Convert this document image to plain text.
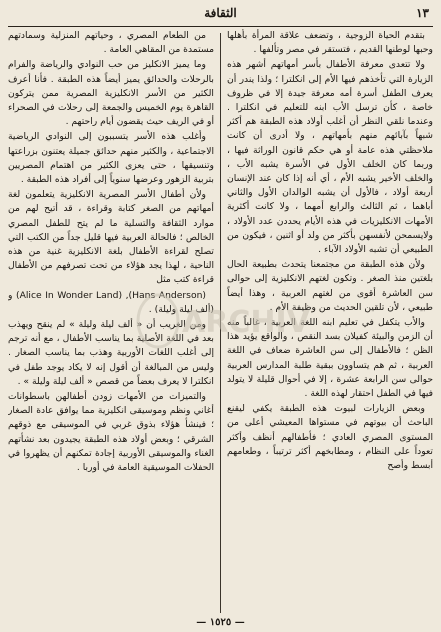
الثقافة	١٣

بتقدم الحياة الزوجية ، وتضعف علاقة المرأة بأهلها وحبها لوطنها القديم ، فتستقر في مصر وتألفها .

ولا تتعدى معرفة الأطفال بأسر أمهاتهم أشهر هذه الزيارة التي تأخذهم فيها الأم إلى انكلترا ؛ ولذا يندر أن يعرف الطفل أسرة أمه معرفة جيدة إلا في ظروف خاصة ، كأن ترسل الأب ابنه للتعليم في انكلترا . وعندما نلقي النظر أن أغلب أولاد هذه الطبقة هم أكثر شبهاً بآبائهم منهم بأمهاتهم ، ولا أدرى أن كانت ملاحظتي هذه عامة أو هي حكم قانون الوراثة فيها ، وربما كان الخلف الأول في الأسرة يشبه الأب ، والخلف الأخير يشبه الأم ، أي أنه إذا كان عند الإنسان أربعة أولاد ، فالأول أن يشبه الوالدان الأول والثاني أباهما ، ثم الثالث والرابع أمهما ، ولا كانت أكثرية الأمهات الانكليزيات في هذه الأيام يحددن عدد الأولاد ، ولايسمحن لأنفسهن بأكثر من ولد أو اثنين ، فيكون من الطبيعي أن تشبه الأولاد الآباء .

ولأن هذه الطبقة من مجتمعنا يتحدث بطبيعة الحال بلغتين منذ الصغر . وتكون لغتهم الانكليزية إلى حوالى سن العاشرة أقوى من لغتهم العربية ، وهذا أيضاً طبيعي ، لأن تلقين الحديث من وظيفة الأم .

والأب يتكفل في تعليم ابنه اللغة العربية ، غالباً منه أن الزمن والبيئة كفيلان بسد النقص ، والواقع يؤيد هذا الظن ؛ فالأطفال إلى سن العاشرة ضعاف في اللغة العربية ، ثم هم يتساوون ببقية طلبة المدارس العربية حوالى سن الرابعة عشرة ، إلا في أحوال قليلة لا يتولد فيها في الطفل احتقار لهذه اللغة .

وبعض الزيارات لبيوت هذه الطبقة يكفي ليقنع الباحث أن بيوتهم في مستواها المعيشي أعلى من المستوى المصري العادي ؛ فأطفالهم أنظف وأكثر تعوداً على النظام ، ومطابخهم أكثر ترتيباً ، وطعامهم أبسط وأصح

من الطعام المصري ، وحياتهم المنزلية وسمادتهم مستمدة من المقاهي العامة .

وما يميز الانكليز من حب النوادي والرياضة والفرام بالرحلات والحدائق يميز أيضاً هذه الطبقة . فأنا أعرف الكثير من الأسر الانكليزية المصرية ممن يتركون القاهرة يوم الخميس والجمعة إلى رحلات في الصحراء أو في الريف حيث يقضون أيام راحتهم .

وأغلب هذه الأسر يتسببون إلى النوادي الرياضية الاجتماعية ، والكثير منهم حدائق جميلة يعتنون بزراعتها وتنسيقها ، حتى يعزى الكثير من اهتمام المصريين بتربية الزهور وعرضها سنوياً إلى أفراد هذه الطبقة .

ولأن أطفال الأسر المصرية الانكليزية يتعلمون لغة أمهاتهم من الصغر كتابة وقراءة ، قد أتيح لهم من موارد الثقافة والتسلية ما لم يتح للطفل المصري الخالص ؛ فالحالة العربية فيها قليل جداً من الكتب التي تصلح لقراءة الأطفال بلغة الانكليزية غنية من هذه الناحية ، لهذا يجد هؤلاء من تحت تصرفهم من الأطفال قراءة كتب مثل

(Hans Anderson), (Alice In Wonder Land) و (ألف ليلة وليلة) .

ومن الغريب أن « ألف ليلة وليلة » لم ينقح ويهذب بعد في اللغة الأصلية بما يناسب الأطفال ، مع أنه ترجم إلى أغلب اللغات الأوربية وهذب بما يناسب الصغار . وليس من المبالغة أن أقول إنه لا يكاد يوجد طفل في انكلترا لا يعرف بعضاً من قصص « ألف ليلة وليلة » .

والتميزات من الأمهات زودن أطفالهن باسطوانات أغاني ونظم وموسيقى انكليزية مما يوافق عادة الصغار ؛ فينشأ هؤلاء بذوق غربي في الموسيقى مع ذوقهم الشرقي ؛ وبعض أولاد هذه الطبقة يجيدون بعد نشأتهم الغناء والموسيقى الأوربية إجادة تمكنهم أن يظهروا في الحفلات الموسيقية العامة في أوربا .

ARCHIV
— ١٥٢٥ —
